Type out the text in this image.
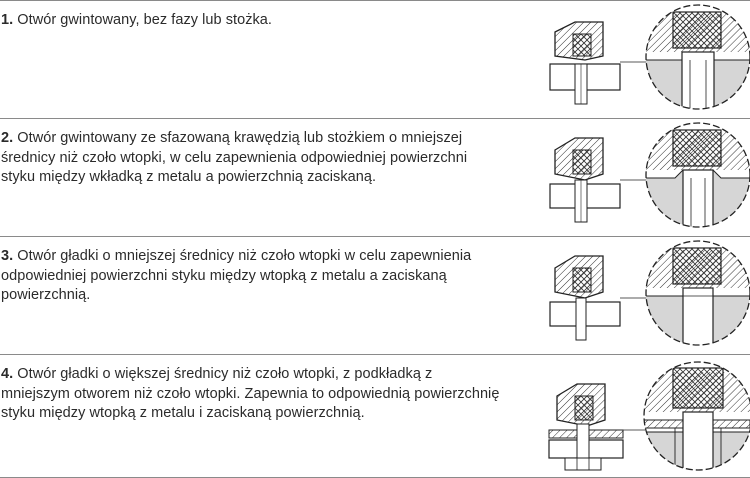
1. Otwór gwintowany, bez fazy lub stożka.
2. Otwór gwintowany ze sfazowaną krawędzią lub stożkiem o mniejszej średnicy niż czoło wtopki, w celu zapewnienia odpowiedniej powierzchni styku między wkładką z metalu a powierzchnią zaciskaną.
3. Otwór gładki o mniejszej średnicy niż czoło wtopki w celu zapewnienia odpowiedniej powierzchni styku między wtopką z metalu a zaciskaną powierzchnią.
4. Otwór gładki o większej średnicy niż czoło wtopki, z podkładką z mniejszym otworem niż czoło wtopki. Zapewnia to odpowiednią powierzchnię styku między wtopką z metalu i zaciskaną powierzchnią.
